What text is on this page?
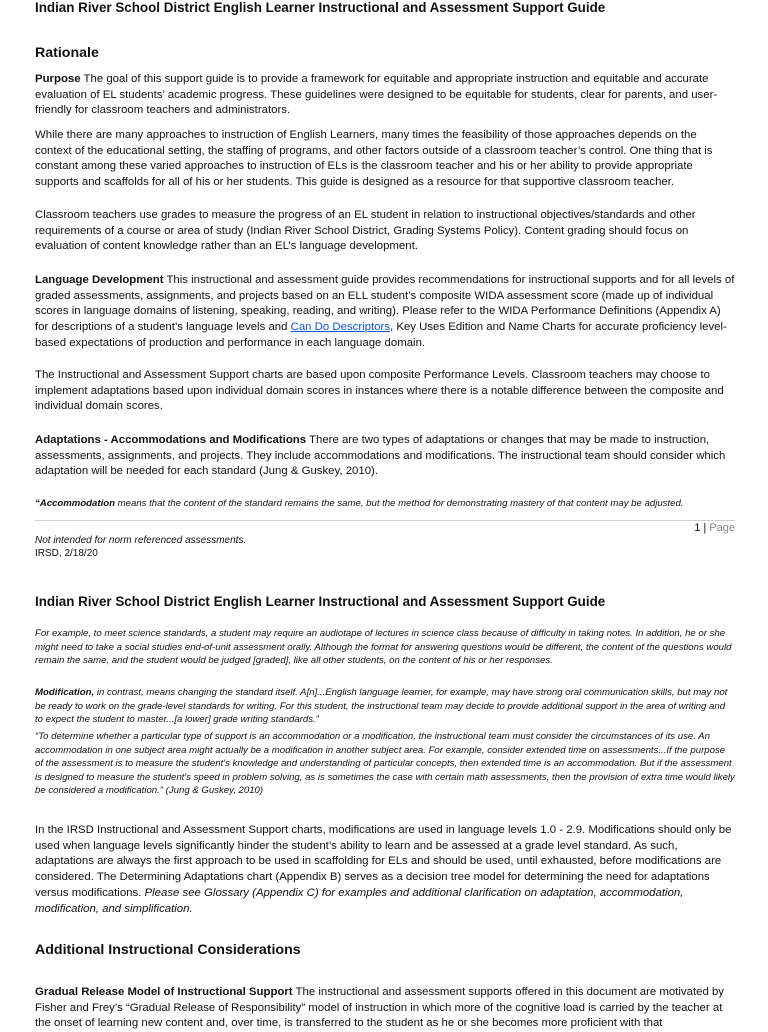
Indian River School District English Learner Instructional and Assessment Support Guide
Rationale

Purpose The goal of this support guide is to provide a framework for equitable and appropriate instruction and equitable and accurate evaluation of EL students’ academic progress. These guidelines were designed to be equitable for students, clear for parents, and user-friendly for classroom teachers and administrators.

While there are many approaches to instruction of English Learners, many times the feasibility of those approaches depends on the context of the educational setting, the staffing of programs, and other factors outside of a classroom teacher’s control. One thing that is constant among these varied approaches to instruction of ELs is the classroom teacher and his or her ability to provide appropriate supports and scaffolds for all of his or her students. This guide is designed as a resource for that supportive classroom teacher.

Classroom teachers use grades to measure the progress of an EL student in relation to instructional objectives/standards and other requirements of a course or area of study (Indian River School District, Grading Systems Policy). Content grading should focus on evaluation of content knowledge rather than an EL’s language development.

Language Development This instructional and assessment guide provides recommendations for instructional supports and for all levels of graded assessments, assignments, and projects based on an ELL student’s composite WIDA assessment score (made up of individual scores in language domains of listening, speaking, reading, and writing). Please refer to the WIDA Performance Definitions (Appendix A) for descriptions of a student’s language levels and Can Do Descriptors, Key Uses Edition and Name Charts for accurate proficiency level-based expectations of production and performance in each language domain.

The Instructional and Assessment Support charts are based upon composite Performance Levels. Classroom teachers may choose to implement adaptations based upon individual domain scores in instances where there is a notable difference between the composite and individual domain scores.

Adaptations - Accommodations and Modifications There are two types of adaptations or changes that may be made to instruction, assessments, assignments, and projects. They include accommodations and modifications. The instructional team should consider which adaptation will be needed for each standard (Jung & Guskey, 2010).

“Accommodation means that the content of the standard remains the same, but the method for demonstrating mastery of that content may be adjusted.

1 | Page

Not intended for norm referenced assessments.

IRSD, 2/18/20

Indian River School District English Learner Instructional and Assessment Support Guide

For example, to meet science standards, a student may require an audiotape of lectures in science class because of difficulty in taking notes. In addition, he or she might need to take a social studies end-of-unit assessment orally. Although the format for answering questions would be different, the content of the questions would remain the same, and the student would be judged [graded], like all other students, on the content of his or her responses.

Modification, in contrast, means changing the standard itself. A[n]...English language learner, for example, may have strong oral communication skills, but may not be ready to work on the grade-level standards for writing. For this student, the instructional team may decide to provide additional support in the area of writing and to expect the student to master...[a lower] grade writing standards.”

“To determine whether a particular type of support is an accommodation or a modification, the instructional team must consider the circumstances of its use. An accommodation in one subject area might actually be a modification in another subject area. For example, consider extended time on assessments...If the purpose of the assessment is to measure the student's knowledge and understanding of particular concepts, then extended time is an accommodation. But if the assessment is designed to measure the student's speed in problem solving, as is sometimes the case with certain math assessments, then the provision of extra time would likely be considered a modification.” (Jung & Guskey, 2010)

In the IRSD Instructional and Assessment Support charts, modifications are used in language levels 1.0 - 2.9. Modifications should only be used when language levels significantly hinder the student’s ability to learn and be assessed at a grade level standard. As such, adaptations are always the first approach to be used in scaffolding for ELs and should be used, until exhausted, before modifications are considered. The Determining Adaptations chart (Appendix B) serves as a decision tree model for determining the need for adaptations versus modifications. Please see Glossary (Appendix C) for examples and additional clarification on adaptation, accommodation, modification, and simplification.

Additional Instructional Considerations

Gradual Release Model of Instructional Support The instructional and assessment supports offered in this document are motivated by Fisher and Frey’s “Gradual Release of Responsibility” model of instruction in which more of the cognitive load is carried by the teacher at the onset of learning new content and, over time, is transferred to the student as he or she becomes more proficient with that
